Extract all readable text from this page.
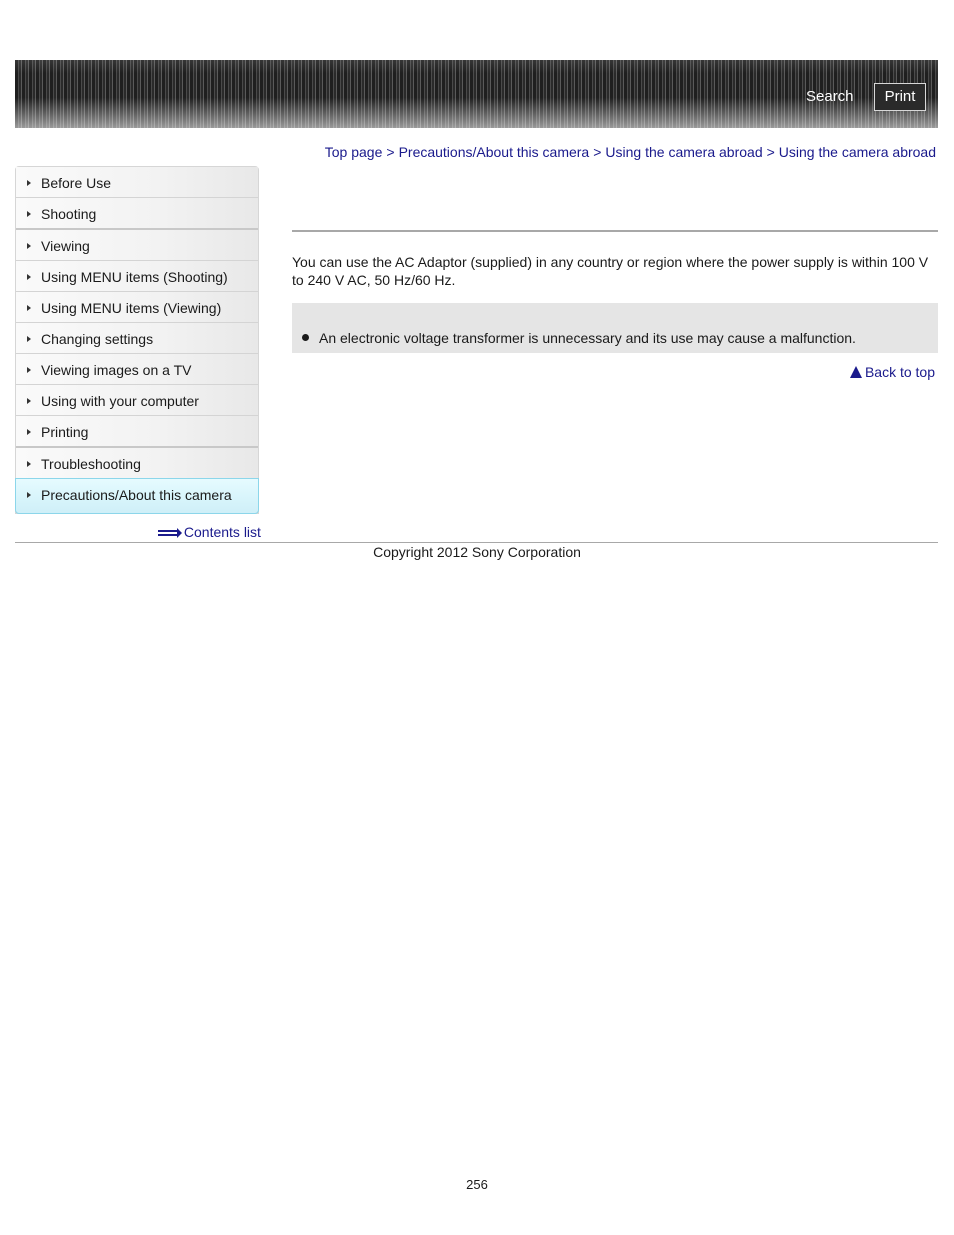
Search	Print
Top page > Precautions/About this camera > Using the camera abroad > Using the camera abroad
Before Use
Shooting
Viewing
Using MENU items (Shooting)
Using MENU items (Viewing)
Changing settings
Viewing images on a TV
Using with your computer
Printing
Troubleshooting
Precautions/About this camera
Contents list
You can use the AC Adaptor (supplied) in any country or region where the power supply is within 100 V to 240 V AC, 50 Hz/60 Hz.
An electronic voltage transformer is unnecessary and its use may cause a malfunction.
Back to top
Copyright 2012 Sony Corporation
256
